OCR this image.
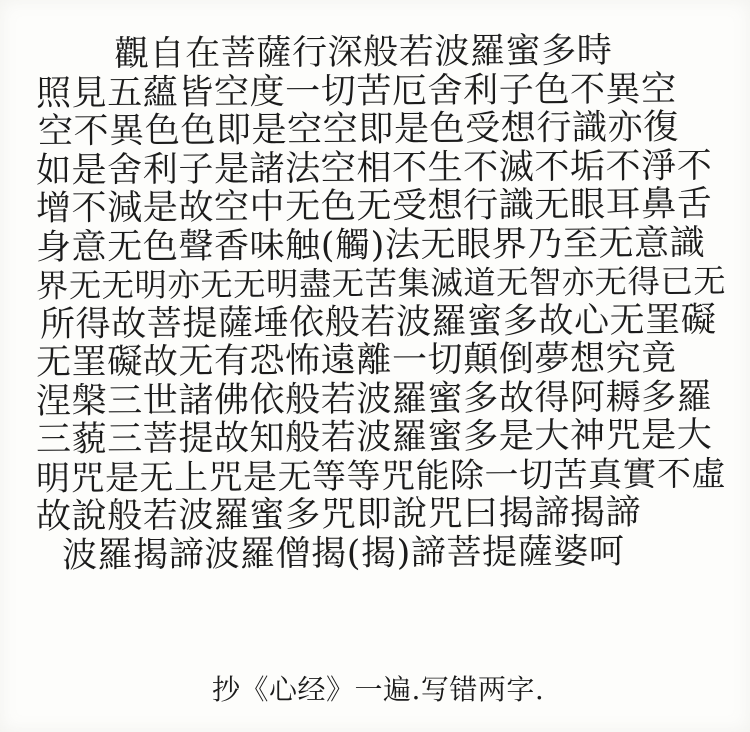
觀自在菩薩行深般若波羅蜜多時
照見五蘊皆空度一切苦厄舍利子色不異空
空不異色色即是空空即是色受想行識亦復
如是舍利子是諸法空相不生不滅不垢不淨不
增不減是故空中无色无受想行識无眼耳鼻舌
身意无色聲香味触(觸)法无眼界乃至无意識
界无无明亦无无明盡无苦集滅道无智亦无得已无
所得故菩提薩埵依般若波羅蜜多故心无罣礙
无罣礙故无有恐怖遠離一切顛倒夢想究竟
涅槃三世諸佛依般若波羅蜜多故得阿耨多羅
三藐三菩提故知般若波羅蜜多是大神咒是大
明咒是无上咒是无等等咒能除一切苦真實不虛
故說般若波羅蜜多咒即說咒曰揭諦揭諦
波羅揭諦波羅僧揭(揭)諦菩提薩婆呵
抄《心经》一遍.写错两字.
